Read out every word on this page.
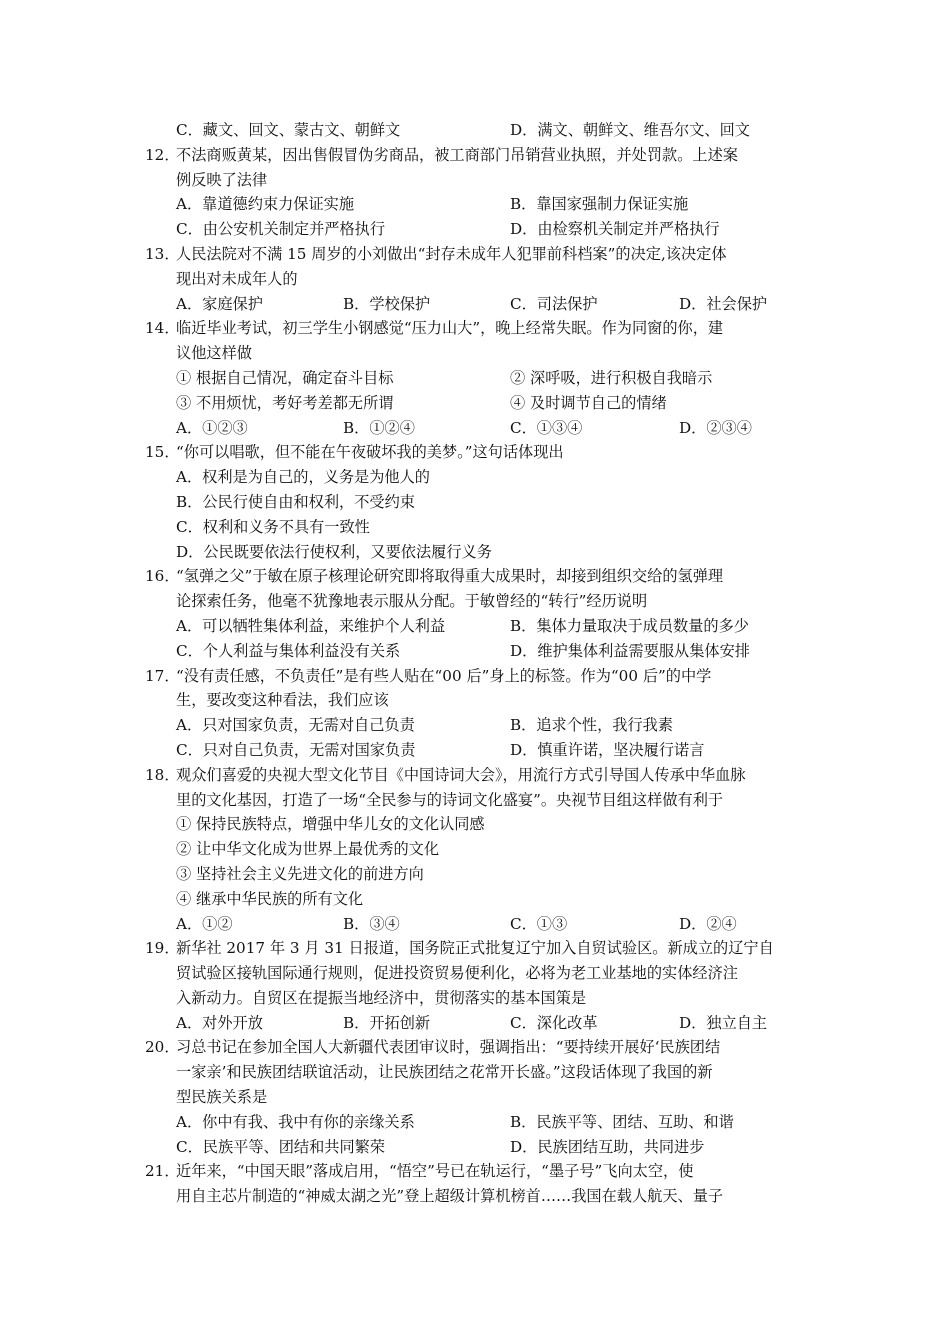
C．藏文、回文、蒙古文、朝鲜文	D．满文、朝鲜文、维吾尔文、回文
12．
不法商贩黄某，因出售假冒伪劣商品，被工商部门吊销营业执照，并处罚款。上述案
例反映了法律
A．靠道德约束力保证实施	B．靠国家强制力保证实施
C．由公安机关制定并严格执行	D．由检察机关制定并严格执行
13．
人民法院对不满 15 周岁的小刘做出“封存未成年人犯罪前科档案”的决定,该决定体
现出对未成年人的
A．家庭保护	B．学校保护	C．司法保护	D．社会保护
14．
临近毕业考试，初三学生小钢感觉“压力山大”，晚上经常失眠。作为同窗的你，建
议他这样做
① 根据自己情况，确定奋斗目标	② 深呼吸，进行积极自我暗示
③ 不用烦忧，考好考差都无所谓	④ 及时调节自己的情绪
A．①②③	B．①②④	C．①③④	D．②③④
15．
“你可以唱歌，但不能在午夜破坏我的美梦。”这句话体现出
A．权利是为自己的，义务是为他人的
B．公民行使自由和权利，不受约束
C．权利和义务不具有一致性
D．公民既要依法行使权利，又要依法履行义务
16．
“氢弹之父”于敏在原子核理论研究即将取得重大成果时，却接到组织交给的氢弹理
论探索任务，他毫不犹豫地表示服从分配。于敏曾经的“转行”经历说明
A．可以牺牲集体利益，来维护个人利益	B．集体力量取决于成员数量的多少
C．个人利益与集体利益没有关系	D．维护集体利益需要服从集体安排
17．
“没有责任感，不负责任”是有些人贴在“00 后”身上的标签。作为“00 后”的中学
生，要改变这种看法，我们应该
A．只对国家负责，无需对自己负责	B．追求个性，我行我素
C．只对自己负责，无需对国家负责	D．慎重许诺，坚决履行诺言
18．
观众们喜爱的央视大型文化节目《中国诗词大会》，用流行方式引导国人传承中华血脉
里的文化基因，打造了一场“全民参与的诗词文化盛宴”。央视节目组这样做有利于
① 保持民族特点，增强中华儿女的文化认同感
② 让中华文化成为世界上最优秀的文化
③ 坚持社会主义先进文化的前进方向
④ 继承中华民族的所有文化
A．①②	B．③④	C．①③	D．②④
19．
新华社 2017 年 3 月 31 日报道，国务院正式批复辽宁加入自贸试验区。新成立的辽宁自
贸试验区接轨国际通行规则，促进投资贸易便利化，必将为老工业基地的实体经济注
入新动力。自贸区在提振当地经济中，贯彻落实的基本国策是
A．对外开放	B．开拓创新	C．深化改革	D．独立自主
20．
习总书记在参加全国人大新疆代表团审议时，强调指出：“要持续开展好‘民族团结
一家亲’和民族团结联谊活动，让民族团结之花常开长盛。”这段话体现了我国的新
型民族关系是
A．你中有我、我中有你的亲缘关系	B．民族平等、团结、互助、和谐
C．民族平等、团结和共同繁荣	D．民族团结互助，共同进步
21．
近年来，“中国天眼”落成启用，“悟空”号已在轨运行，“墨子号”飞向太空，使
用自主芯片制造的“神威太湖之光”登上超级计算机榜首……我国在载人航天、量子
